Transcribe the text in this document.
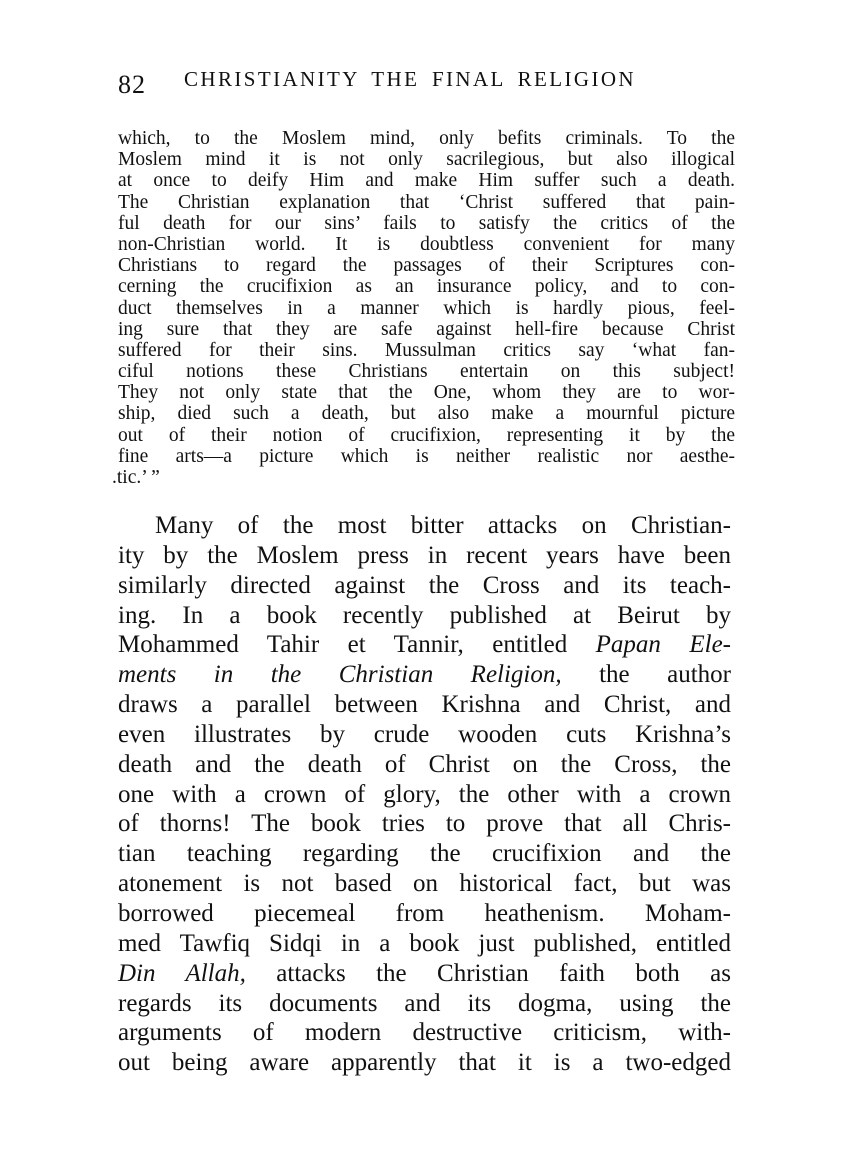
82 CHRISTIANITY THE FINAL RELIGION
which, to the Moslem mind, only befits criminals. To the
Moslem mind it is not only sacrilegious, but also illogical
at once to deify Him and make Him suffer such a death.
The Christian explanation that ‘Christ suffered that pain-
ful death for our sins’ fails to satisfy the critics of the
non-Christian world. It is doubtless convenient for many
Christians to regard the passages of their Scriptures con-
cerning the crucifixion as an insurance policy, and to con-
duct themselves in a manner which is hardly pious, feel-
ing sure that they are safe against hell-fire because Christ
suffered for their sins. Mussulman critics say ‘what fan-
ciful notions these Christians entertain on this subject!
They not only state that the One, whom they are to wor-
ship, died such a death, but also make a mournful picture
out of their notion of crucifixion, representing it by the
fine arts—a picture which is neither realistic nor aesthe-
.tic.’ ”
Many of the most bitter attacks on Christian-
ity by the Moslem press in recent years have been
similarly directed against the Cross and its teach-
ing. In a book recently published at Beirut by
Mohammed Tahir et Tannir, entitled Papan Ele-
ments in the Christian Religion, the author
draws a parallel between Krishna and Christ, and
even illustrates by crude wooden cuts Krishna’s
death and the death of Christ on the Cross, the
one with a crown of glory, the other with a crown
of thorns! The book tries to prove that all Chris-
tian teaching regarding the crucifixion and the
atonement is not based on historical fact, but was
borrowed piecemeal from heathenism. Moham-
med Tawfiq Sidqi in a book just published, entitled
Din Allah, attacks the Christian faith both as
regards its documents and its dogma, using the
arguments of modern destructive criticism, with-
out being aware apparently that it is a two-edged
